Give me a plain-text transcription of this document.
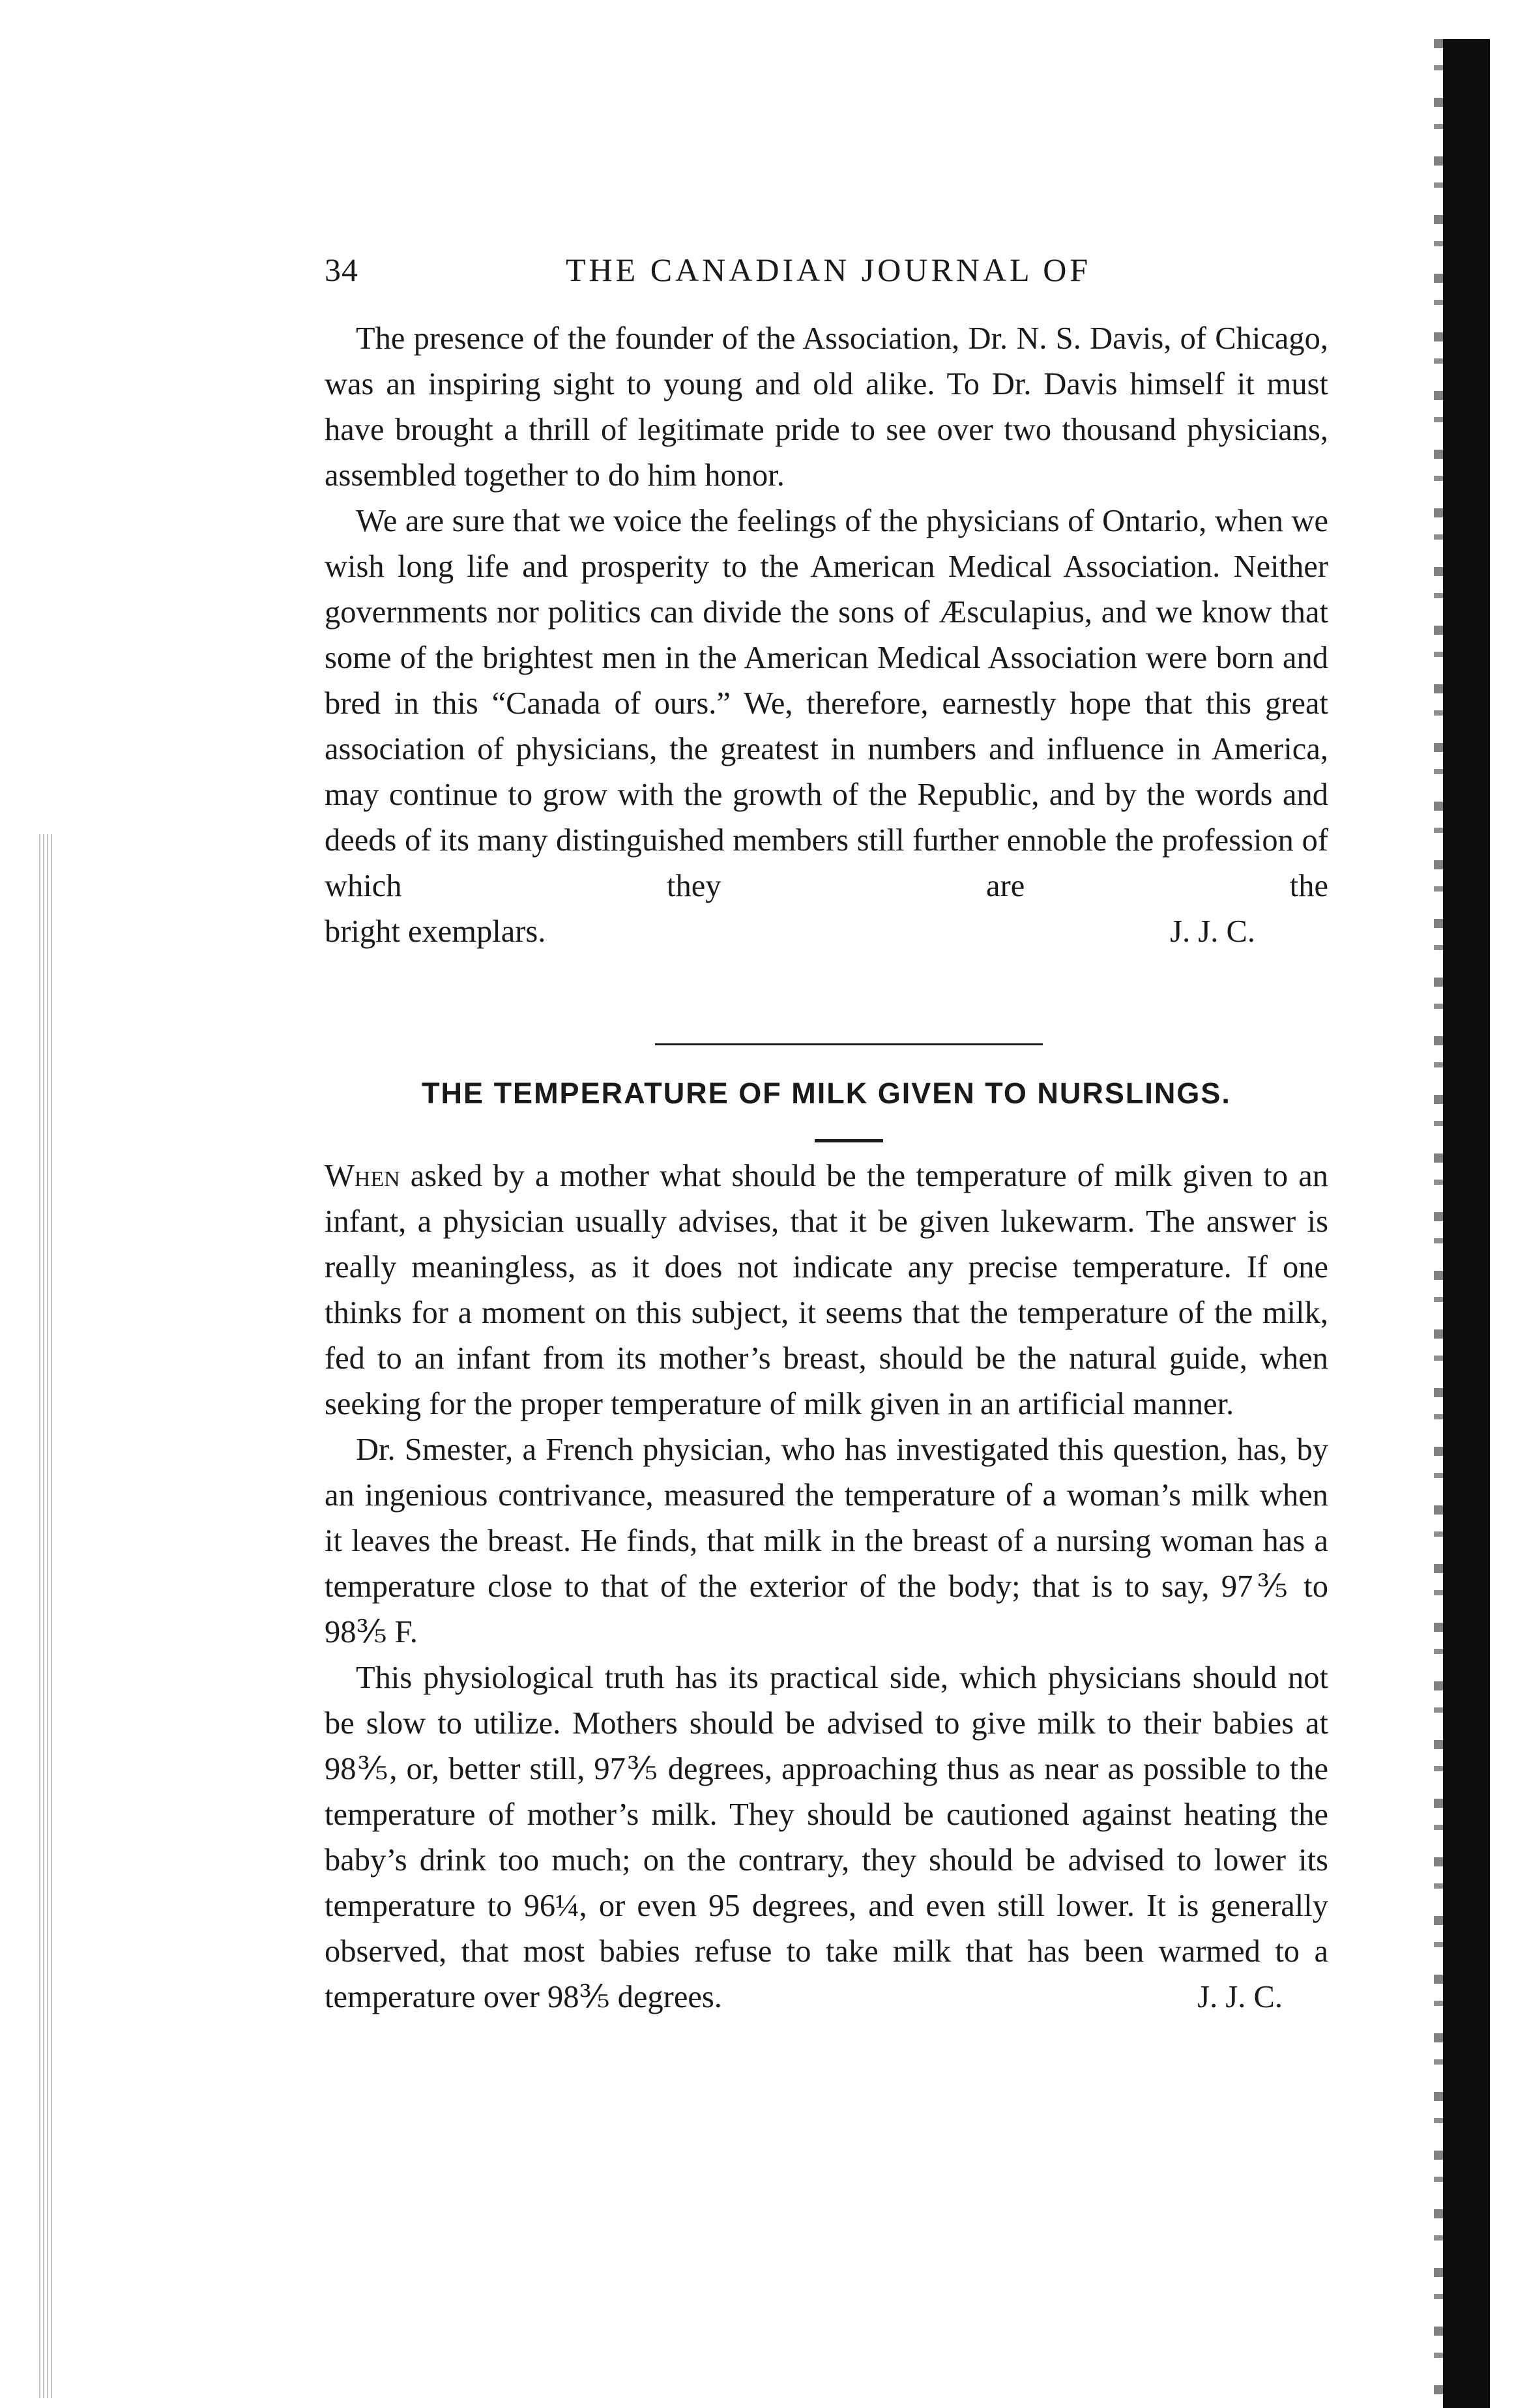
34	THE CANADIAN JOURNAL OF

The presence of the founder of the Association, Dr. N. S. Davis, of Chicago, was an inspiring sight to young and old alike. To Dr. Davis himself it must have brought a thrill of legitimate pride to see over two thousand physicians, assembled together to do him honor.

We are sure that we voice the feelings of the physicians of Ontario, when we wish long life and prosperity to the American Medical Association. Neither governments nor politics can divide the sons of Æsculapius, and we know that some of the brightest men in the American Medical Association were born and bred in this “Canada of ours.” We, therefore, earnestly hope that this great association of physicians, the greatest in numbers and influence in America, may continue to grow with the growth of the Republic, and by the words and deeds of its many distinguished members still further ennoble the profession of which they are the

bright exemplars.	J. J. C.
THE TEMPERATURE OF MILK GIVEN TO NURSLINGS.

When asked by a mother what should be the temperature of milk given to an infant, a physician usually advises, that it be given lukewarm. The answer is really meaningless, as it does not indicate any precise temperature. If one thinks for a moment on this subject, it seems that the temperature of the milk, fed to an infant from its mother’s breast, should be the natural guide, when seeking for the proper temperature of milk given in an artificial manner.

Dr. Smester, a French physician, who has investigated this question, has, by an ingenious contrivance, measured the temperature of a woman’s milk when it leaves the breast. He finds, that milk in the breast of a nursing woman has a temperature close to that of the exterior of the body; that is to say, 97⅗ to 98⅗ F.

This physiological truth has its practical side, which physicians should not be slow to utilize. Mothers should be advised to give milk to their babies at 98⅗, or, better still, 97⅗ degrees, approaching thus as near as possible to the temperature of mother’s milk. They should be cautioned against heating the baby’s drink too much; on the contrary, they should be advised to lower its temperature to 96¼, or even 95 degrees, and even still lower. It is generally observed, that most babies refuse to take milk that has been warmed to a temperature over 98⅗ degrees.	J. J. C.
